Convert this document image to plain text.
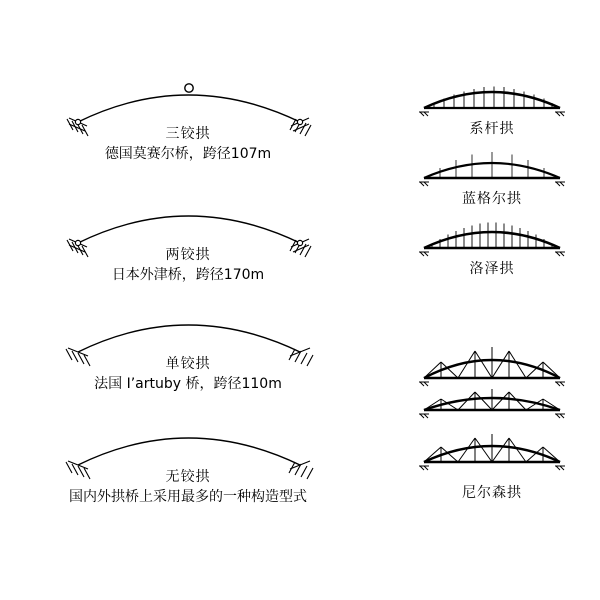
三铰拱
德国莫赛尔桥，跨径107m
两铰拱
日本外津桥，跨径170m
单铰拱
法国 I’artuby 桥，跨径110m
无铰拱
国内外拱桥上采用最多的一种构造型式
系杆拱
蓝格尔拱
洛泽拱
尼尔森拱
